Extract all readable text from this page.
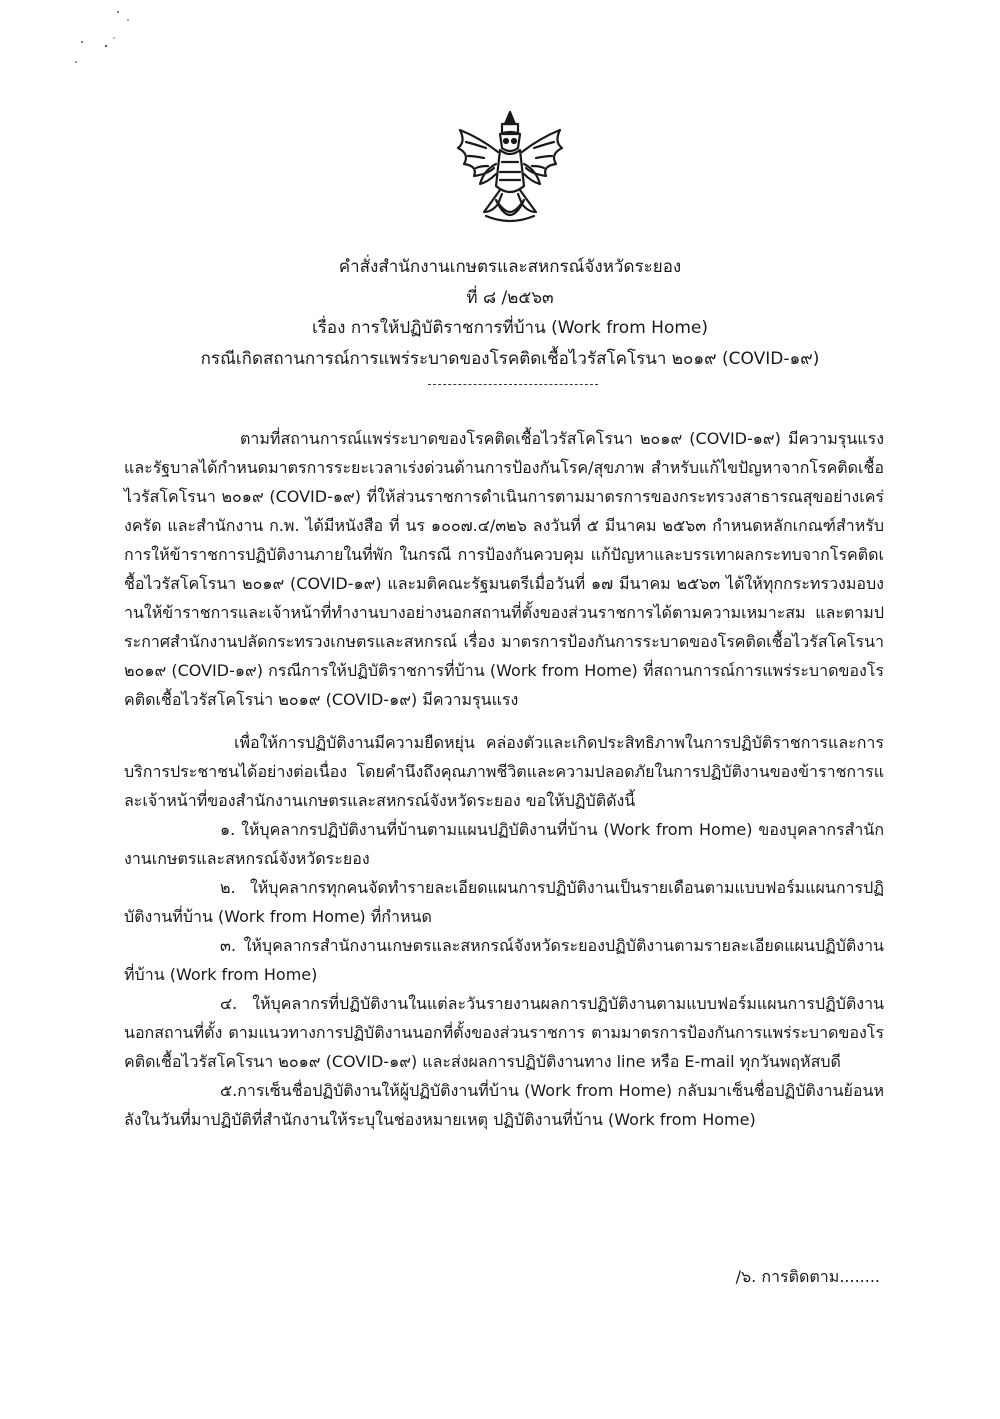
คำสั่งสำนักงานเกษตรและสหกรณ์จังหวัดระยอง
ที่ ๘ /๒๕๖๓
เรื่อง การให้ปฏิบัติราชการที่บ้าน (Work from Home)
กรณีเกิดสถานการณ์การแพร่ระบาดของโรคติดเชื้อไวรัสโคโรนา ๒๐๑๙ (COVID-๑๙)

ตามที่สถานการณ์แพร่ระบาดของโรคติดเชื้อไวรัสโคโรนา ๒๐๑๙ (COVID-๑๙) มีความรุนแรง และรัฐบาลได้กำหนดมาตรการระยะเวลาเร่งด่วนด้านการป้องกันโรค/สุขภาพ สำหรับแก้ไขปัญหาจากโรคติดเชื้อไวรัสโคโรนา ๒๐๑๙ (COVID-๑๙) ที่ให้ส่วนราชการดำเนินการตามมาตรการของกระทรวงสาธารณสุขอย่างเคร่งครัด และสำนักงาน ก.พ. ได้มีหนังสือ ที่ นร ๑๐๐๗.๔/๓๒๖ ลงวันที่ ๕ มีนาคม ๒๕๖๓ กำหนดหลักเกณฑ์สำหรับการให้ข้าราชการปฏิบัติงานภายในที่พัก ในกรณี การป้องกันควบคุม แก้ปัญหาและบรรเทาผลกระทบจากโรคติดเชื้อไวรัสโคโรนา ๒๐๑๙ (COVID-๑๙) และมติคณะรัฐมนตรีเมื่อวันที่ ๑๗ มีนาคม ๒๕๖๓ ได้ให้ทุกกระทรวงมอบงานให้ข้าราชการและเจ้าหน้าที่ทำงานบางอย่างนอกสถานที่ตั้งของส่วนราชการได้ตามความเหมาะสม และตามประกาศสำนักงานปลัดกระทรวงเกษตรและสหกรณ์ เรื่อง มาตรการป้องกันการระบาดของโรคติดเชื้อไวรัสโคโรนา ๒๐๑๙ (COVID-๑๙) กรณีการให้ปฏิบัติราชการที่บ้าน (Work from Home) ที่สถานการณ์การแพร่ระบาดของโรคติดเชื้อไวรัสโคโรน่า ๒๐๑๙ (COVID-๑๙) มีความรุนแรง

เพื่อให้การปฏิบัติงานมีความยืดหยุ่น คล่องตัวและเกิดประสิทธิภาพในการปฏิบัติราชการและการบริการประชาชนได้อย่างต่อเนื่อง โดยคำนึงถึงคุณภาพชีวิตและความปลอดภัยในการปฏิบัติงานของข้าราชการและเจ้าหน้าที่ของสำนักงานเกษตรและสหกรณ์จังหวัดระยอง ขอให้ปฏิบัติดังนี้

๑. ให้บุคลากรปฏิบัติงานที่บ้านตามแผนปฏิบัติงานที่บ้าน (Work from Home) ของบุคลากรสำนักงานเกษตรและสหกรณ์จังหวัดระยอง

๒. ให้บุคลากรทุกคนจัดทำรายละเอียดแผนการปฏิบัติงานเป็นรายเดือนตามแบบฟอร์มแผนการปฏิบัติงานที่บ้าน (Work from Home) ที่กำหนด

๓. ให้บุคลากรสำนักงานเกษตรและสหกรณ์จังหวัดระยองปฏิบัติงานตามรายละเอียดแผนปฏิบัติงานที่บ้าน (Work from Home)

๔. ให้บุคลากรที่ปฏิบัติงานในแต่ละวันรายงานผลการปฏิบัติงานตามแบบฟอร์มแผนการปฏิบัติงานนอกสถานที่ตั้ง ตามแนวทางการปฏิบัติงานนอกที่ตั้งของส่วนราชการ ตามมาตรการป้องกันการแพร่ระบาดของโรคติดเชื้อไวรัสโคโรนา ๒๐๑๙ (COVID-๑๙) และส่งผลการปฏิบัติงานทาง line หรือ E-mail ทุกวันพฤหัสบดี

๕.การเซ็นชื่อปฏิบัติงานให้ผู้ปฏิบัติงานที่บ้าน (Work from Home) กลับมาเซ็นชื่อปฏิบัติงานย้อนหลังในวันที่มาปฏิบัติที่สำนักงานให้ระบุในช่องหมายเหตุ ปฏิบัติงานที่บ้าน (Work from Home)

/๖. การติดตาม........
